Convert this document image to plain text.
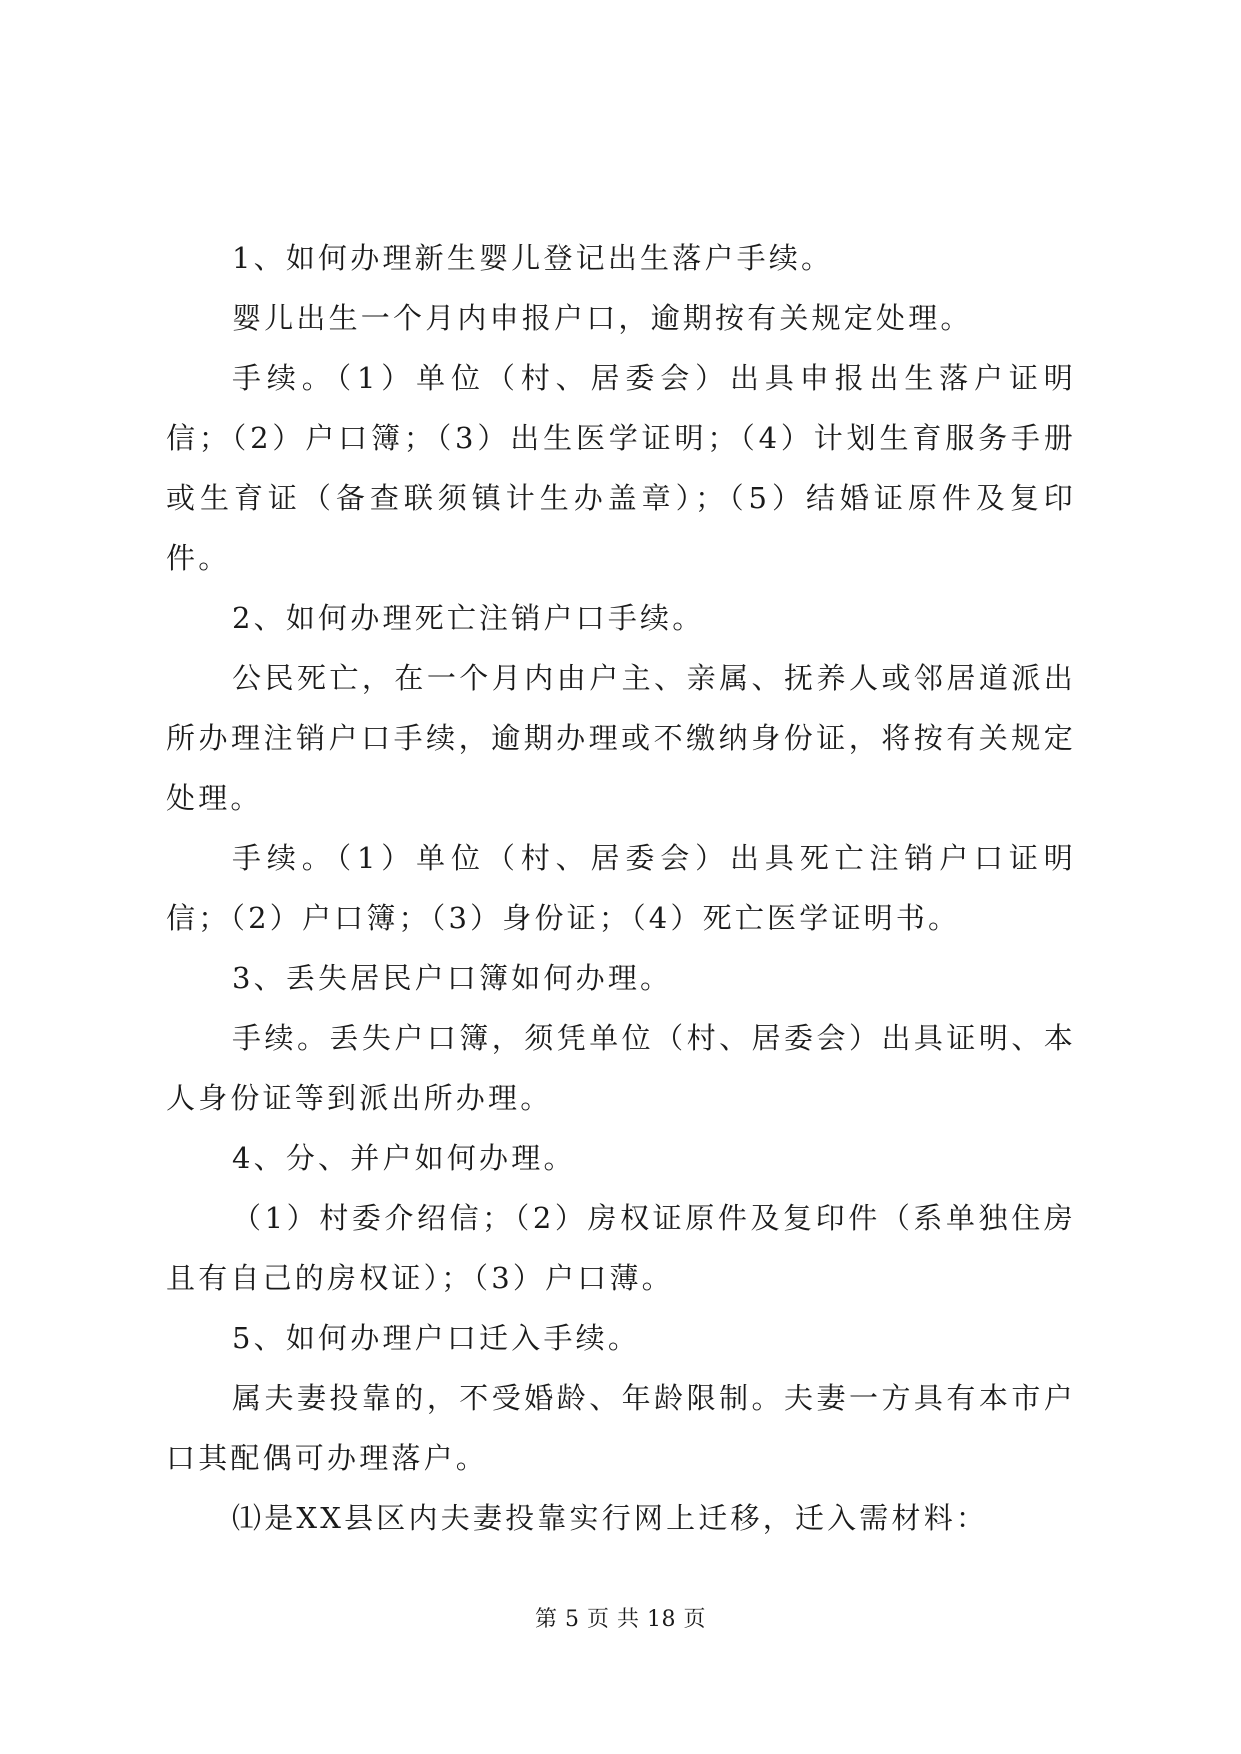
1、如何办理新生婴儿登记出生落户手续。

婴儿出生一个月内申报户口，逾期按有关规定处理。

手续。（1）单位（村、居委会）出具申报出生落户证明信；（2）户口簿；（3）出生医学证明；（4）计划生育服务手册或生育证（备查联须镇计生办盖章）；（5）结婚证原件及复印件。

2、如何办理死亡注销户口手续。

公民死亡，在一个月内由户主、亲属、抚养人或邻居道派出所办理注销户口手续，逾期办理或不缴纳身份证，将按有关规定处理。

手续。（1）单位（村、居委会）出具死亡注销户口证明信；（2）户口簿；（3）身份证；（4）死亡医学证明书。

3、丢失居民户口簿如何办理。

手续。丢失户口簿，须凭单位（村、居委会）出具证明、本人身份证等到派出所办理。

4、分、并户如何办理。

（1）村委介绍信；（2）房权证原件及复印件（系单独住房且有自己的房权证）；（3）户口薄。

5、如何办理户口迁入手续。

属夫妻投靠的，不受婚龄、年龄限制。夫妻一方具有本市户口其配偶可办理落户。

⑴是XX县区内夫妻投靠实行网上迁移，迁入需材料：

第 5 页 共 18 页
